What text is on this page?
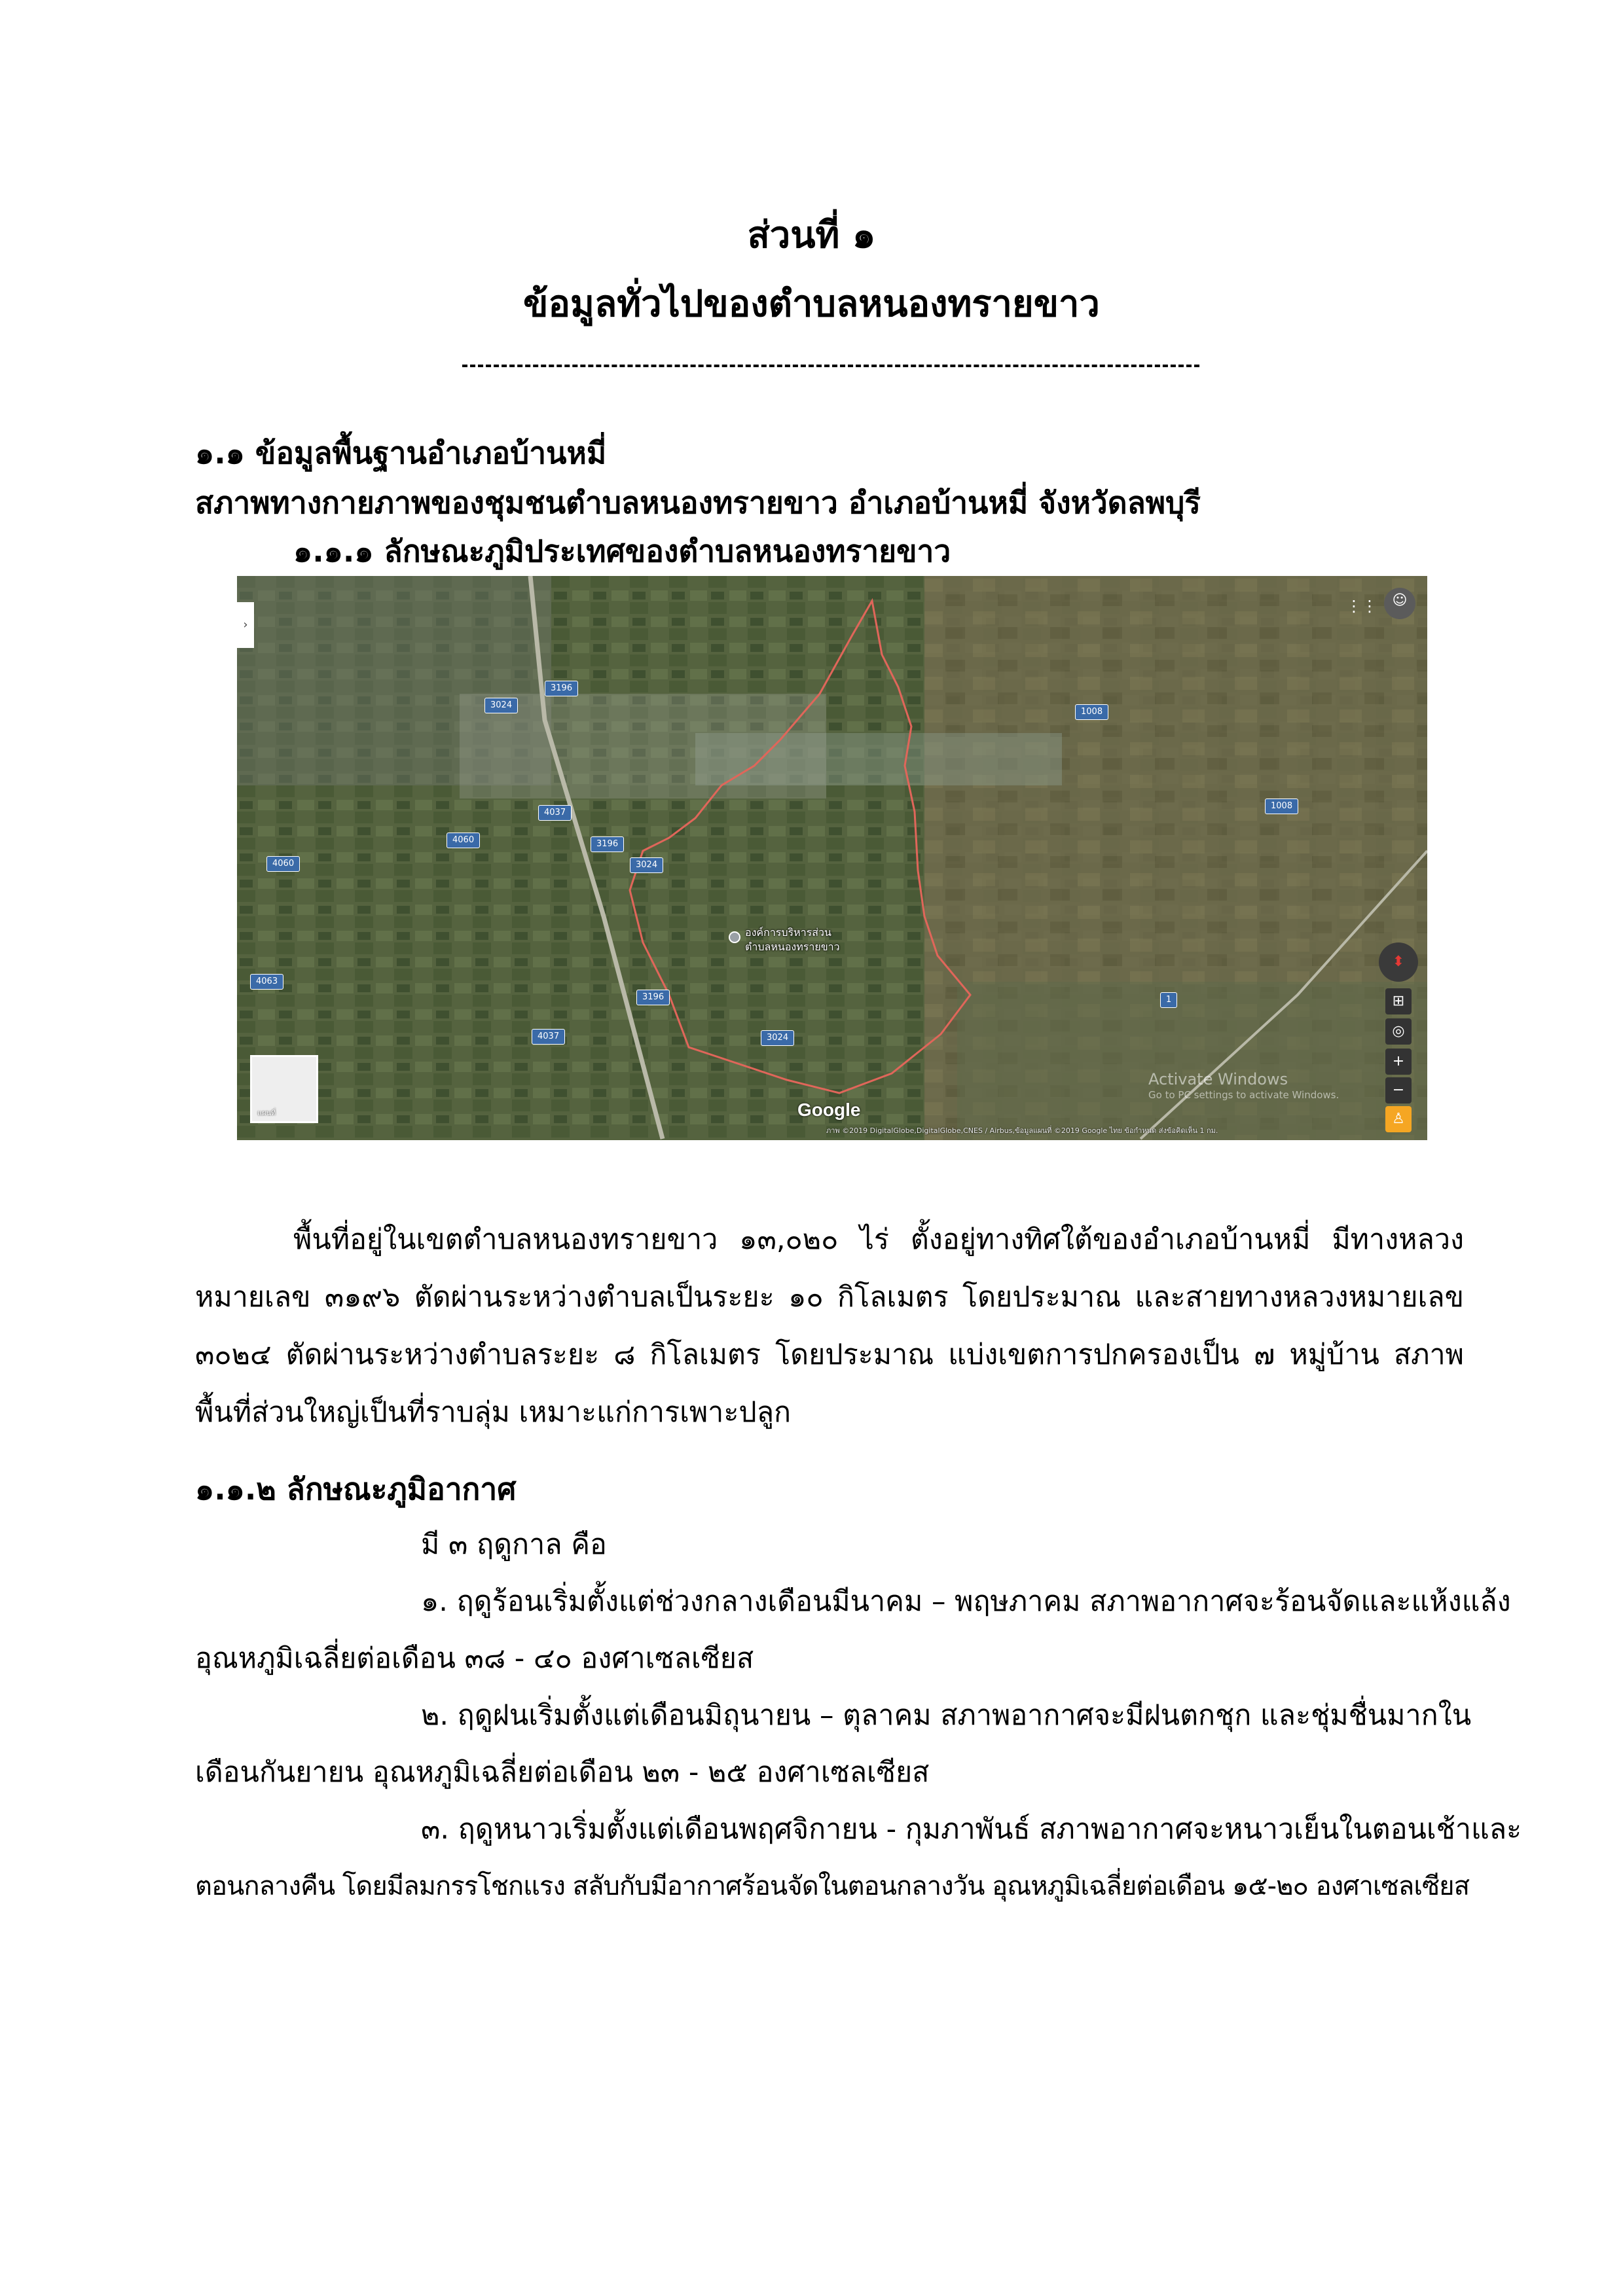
ส่วนที่ ๑
ข้อมูลทั่วไปของตำบลหนองทรายขาว
๑.๑ ข้อมูลพื้นฐานอำเภอบ้านหมี่
สภาพทางกายภาพของชุมชนตำบลหนองทรายขาว อำเภอบ้านหมี่ จังหวัดลพบุรี
๑.๑.๑ ลักษณะภูมิประเทศของตำบลหนองทรายขาว
›
3196
3024
4037
4060
4060
3196
3024
4063
3196
4037	3024
1008
1008
1
องค์การบริหารส่วน
ตำบลหนองทรายขาว
แผนที่	Google
ภาพ ©2019 DigitalGlobe,DigitalGlobe,CNES / Airbus,ข้อมูลแผนที่ ©2019 Google ไทย ข้อกำหนด ส่งข้อคิดเห็น 1 กม.
Activate Windows
Go to PC settings to activate Windows.
⋮⋮	☺
⬍
⊞
◎
+
−
♙
พื้นที่อยู่ในเขตตำบลหนองทรายขาว ๑๓,๐๒๐ ไร่ ตั้งอยู่ทางทิศใต้ของอำเภอบ้านหมี่ มีทางหลวงหมายเลข ๓๑๙๖ ตัดผ่านระหว่างตำบลเป็นระยะ ๑๐ กิโลเมตร โดยประมาณ และสายทางหลวงหมายเลข ๓๐๒๔ ตัดผ่านระหว่างตำบลระยะ ๘ กิโลเมตร โดยประมาณ แบ่งเขตการปกครองเป็น ๗ หมู่บ้าน สภาพพื้นที่ส่วนใหญ่เป็นที่ราบลุ่ม เหมาะแก่การเพาะปลูก
๑.๑.๒ ลักษณะภูมิอากาศ
มี ๓ ฤดูกาล คือ
๑. ฤดูร้อนเริ่มตั้งแต่ช่วงกลางเดือนมีนาคม – พฤษภาคม สภาพอากาศจะร้อนจัดและแห้งแล้ง
อุณหภูมิเฉลี่ยต่อเดือน ๓๘ - ๔๐ องศาเซลเซียส
๒. ฤดูฝนเริ่มตั้งแต่เดือนมิถุนายน – ตุลาคม สภาพอากาศจะมีฝนตกชุก และชุ่มชื่นมากใน
เดือนกันยายน อุณหภูมิเฉลี่ยต่อเดือน ๒๓ - ๒๕ องศาเซลเซียส
๓. ฤดูหนาวเริ่มตั้งแต่เดือนพฤศจิกายน - กุมภาพันธ์ สภาพอากาศจะหนาวเย็นในตอนเช้าและ
ตอนกลางคืน โดยมีลมกรรโชกแรง สลับกับมีอากาศร้อนจัดในตอนกลางวัน อุณหภูมิเฉลี่ยต่อเดือน ๑๕-๒๐ องศาเซลเซียส
